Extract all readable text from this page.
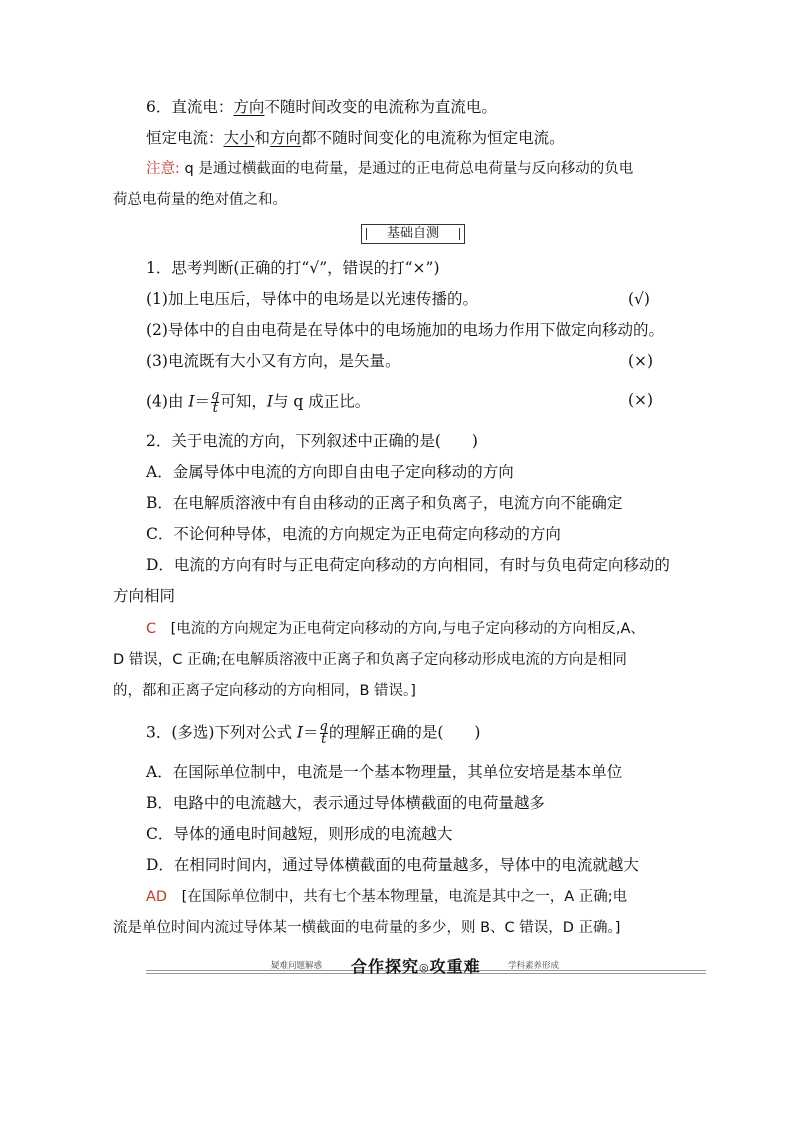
6．直流电：方向不随时间改变的电流称为直流电。
恒定电流：大小和方向都不随时间变化的电流称为恒定电流。
注意: q 是通过横截面的电荷量，是通过的正电荷总电荷量与反向移动的负电
荷总电荷量的绝对值之和。
基础自测
1．思考判断(正确的打“√”，错误的打“×”)
(1)加上电压后，导体中的电场是以光速传播的。	(√)
(2)导体中的自由电荷是在导体中的电场施加的电场力作用下做定向移动的。
(3)电流既有大小又有方向，是矢量。	(×)
(4)由 $I= \frac{q}{t}$ 可知，I与 q 成正比。	(×)
2．关于电流的方向，下列叙述中正确的是(　　)
A．金属导体中电流的方向即自由电子定向移动的方向
B．在电解质溶液中有自由移动的正离子和负离子，电流方向不能确定
C．不论何种导体，电流的方向规定为正电荷定向移动的方向
D．电流的方向有时与正电荷定向移动的方向相同，有时与负电荷定向移动的
方向相同
C　[电流的方向规定为正电荷定向移动的方向,与电子定向移动的方向相反,A、
D 错误，C 正确;在电解质溶液中正离子和负离子定向移动形成电流的方向是相同
的，都和正离子定向移动的方向相同，B 错误。]
3．(多选)下列对公式 $I= \frac{q}{t}$ 的理解正确的是(　　)
A．在国际单位制中，电流是一个基本物理量，其单位安培是基本单位
B．电路中的电流越大，表示通过导体横截面的电荷量越多
C．导体的通电时间越短，则形成的电流越大
D．在相同时间内，通过导体横截面的电荷量越多，导体中的电流就越大
AD　[在国际单位制中，共有七个基本物理量，电流是其中之一，A 正确;电
流是单位时间内流过导体某一横截面的电荷量的多少，则 B、C 错误，D 正确。]
疑难问题解惑 合作探究◎攻重难	学科素养形成
